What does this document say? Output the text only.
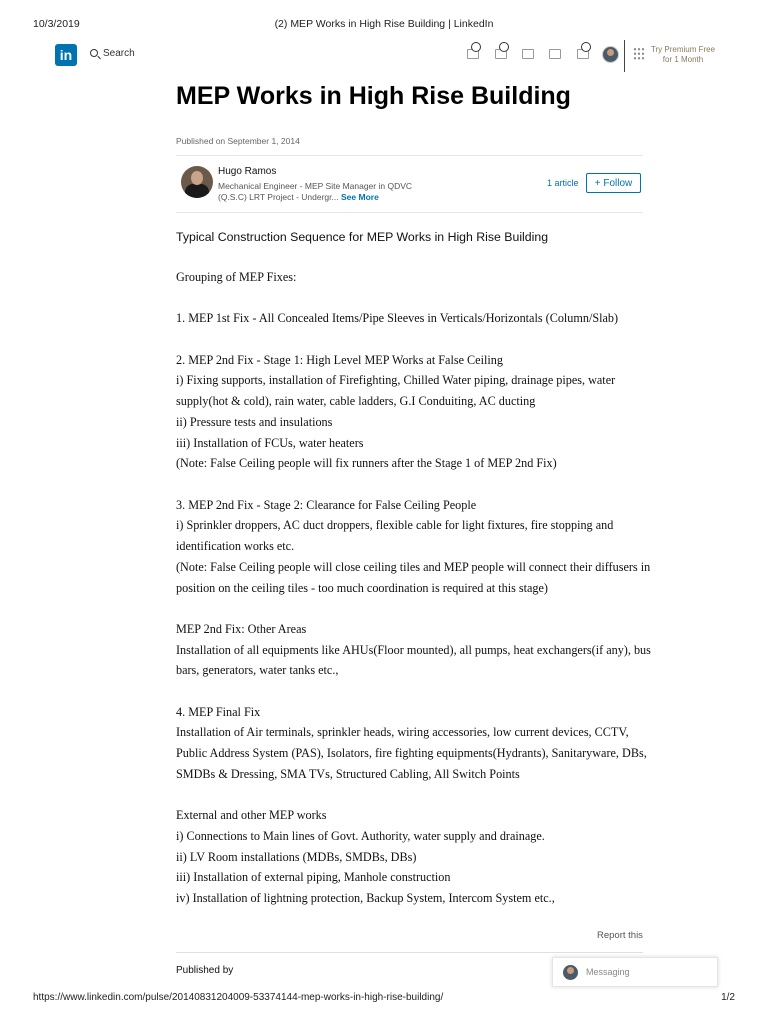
10/3/2019	(2) MEP Works in High Rise Building | LinkedIn
in	Search	Try Premium Free
for 1 Month
MEP Works in High Rise Building
Published on September 1, 2014
Hugo Ramos
Mechanical Engineer - MEP Site Manager in QDVC (Q.S.C) LRT Project - Undergr... See More
1 article	+ Follow
Typical Construction Sequence for MEP Works in High Rise Building

Grouping of MEP Fixes:

1. MEP 1st Fix - All Concealed Items/Pipe Sleeves in Verticals/Horizontals (Column/Slab)

2. MEP 2nd Fix - Stage 1: High Level MEP Works at False Ceiling

i) Fixing supports, installation of Firefighting, Chilled Water piping, drainage pipes, water supply(hot & cold), rain water, cable ladders, G.I Conduiting, AC ducting

ii) Pressure tests and insulations

iii) Installation of FCUs, water heaters

(Note: False Ceiling people will fix runners after the Stage 1 of MEP 2nd Fix)

3. MEP 2nd Fix - Stage 2: Clearance for False Ceiling People

i) Sprinkler droppers, AC duct droppers, flexible cable for light fixtures, fire stopping and identification works etc.

(Note: False Ceiling people will close ceiling tiles and MEP people will connect their diffusers in position on the ceiling tiles - too much coordination is required at this stage)

MEP 2nd Fix: Other Areas

Installation of all equipments like AHUs(Floor mounted), all pumps, heat exchangers(if any), bus bars, generators, water tanks etc.,

4. MEP Final Fix

Installation of Air terminals, sprinkler heads, wiring accessories, low current devices, CCTV, Public Address System (PAS), Isolators, fire fighting equipments(Hydrants), Sanitaryware, DBs, SMDBs & Dressing, SMA TVs, Structured Cabling, All Switch Points

External and other MEP works

i) Connections to Main lines of Govt. Authority, water supply and drainage.

ii) LV Room installations (MDBs, SMDBs, DBs)

iii) Installation of external piping, Manhole construction

iv) Installation of lightning protection, Backup System, Intercom System etc.,

Report this
Published by	Messaging
https://www.linkedin.com/pulse/20140831204009-53374144-mep-works-in-high-rise-building/	1/2
